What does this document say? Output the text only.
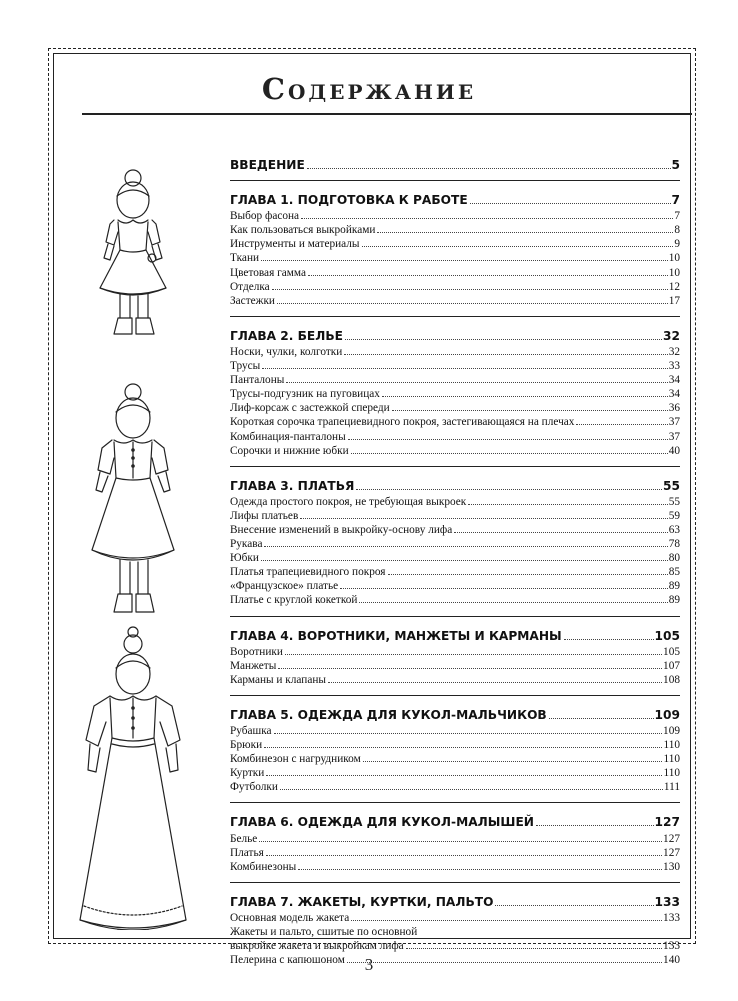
Содержание
ВВЕДЕНИЕ	5
ГЛАВА 1. ПОДГОТОВКА К РАБОТЕ	7
Выбор фасона	7
Как пользоваться выкройками	8
Инструменты и материалы	9
Ткани	10
Цветовая гамма	10
Отделка	12
Застежки	17
ГЛАВА 2. БЕЛЬЕ	32
Носки, чулки, колготки	32
Трусы	33
Панталоны	34
Трусы-подгузник на пуговицах	34
Лиф-корсаж с застежкой спереди	36
Короткая сорочка трапециевидного покроя, застегивающаяся на плечах	37
Комбинация-панталоны	37
Сорочки и нижние юбки	40
ГЛАВА 3. ПЛАТЬЯ	55
Одежда простого покроя, не требующая выкроек	55
Лифы платьев	59
Внесение изменений в выкройку-основу лифа	63
Рукава	78
Юбки	80
Платья трапециевидного покроя	85
«Французское» платье	89
Платье с круглой кокеткой	89
ГЛАВА 4. ВОРОТНИКИ, МАНЖЕТЫ И КАРМАНЫ	105
Воротники	105
Манжеты	107
Карманы и клапаны	108
ГЛАВА 5. ОДЕЖДА ДЛЯ КУКОЛ-МАЛЬЧИКОВ	109
Рубашка	109
Брюки	110
Комбинезон с нагрудником	110
Куртки	110
Футболки	111
ГЛАВА 6. ОДЕЖДА ДЛЯ КУКОЛ-МАЛЫШЕЙ	127
Белье	127
Платья	127
Комбинезоны	130
ГЛАВА 7. ЖАКЕТЫ, КУРТКИ, ПАЛЬТО	133
Основная модель жакета	133
Жакеты и пальто, сшитые по основной
выкройке жакета и выкройкам лифа	133
Пелерина с капюшоном	140
3
